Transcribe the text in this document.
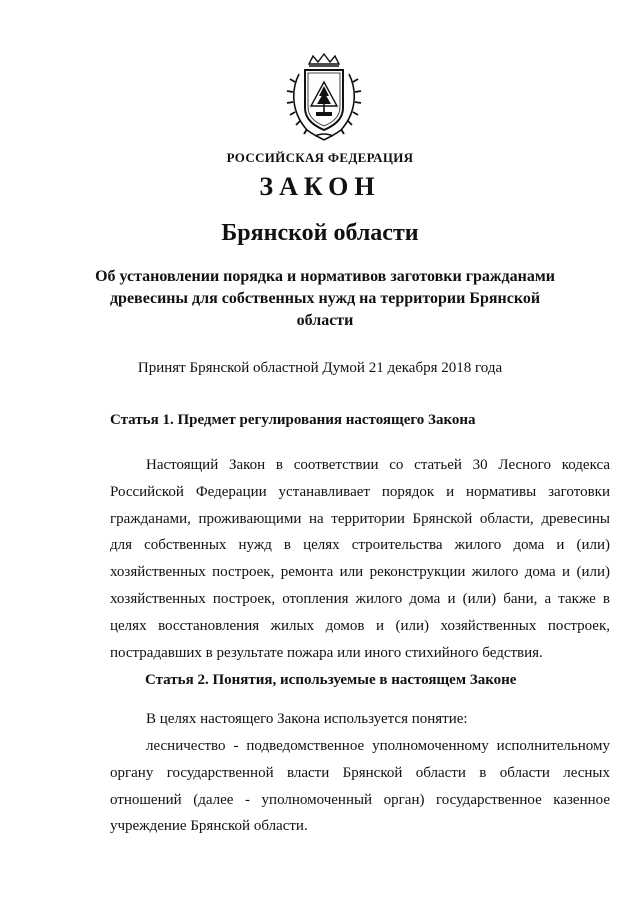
РОССИЙСКАЯ ФЕДЕРАЦИЯ
ЗАКОН
Брянской области
Об установлении порядка и нормативов заготовки гражданами древесины для собственных нужд на территории Брянской области
Принят Брянской областной Думой 21 декабря 2018 года
Статья 1. Предмет регулирования настоящего Закона
Настоящий Закон в соответствии со статьей 30 Лесного кодекса Российской Федерации устанавливает порядок и нормативы заготовки гражданами, проживающими на территории Брянской области, древесины для собственных нужд в целях строительства жилого дома и (или) хозяйственных построек, ремонта или реконструкции жилого дома и (или) хозяйственных построек, отопления жилого дома и (или) бани, а также в целях восстановления жилых домов и (или) хозяйственных построек, пострадавших в результате пожара или иного стихийного бедствия.
Статья 2. Понятия, используемые в настоящем Законе
В целях настоящего Закона используется понятие:
лесничество - подведомственное уполномоченному исполнительному органу государственной власти Брянской области в области лесных отношений (далее - уполномоченный орган) государственное казенное учреждение Брянской области.
